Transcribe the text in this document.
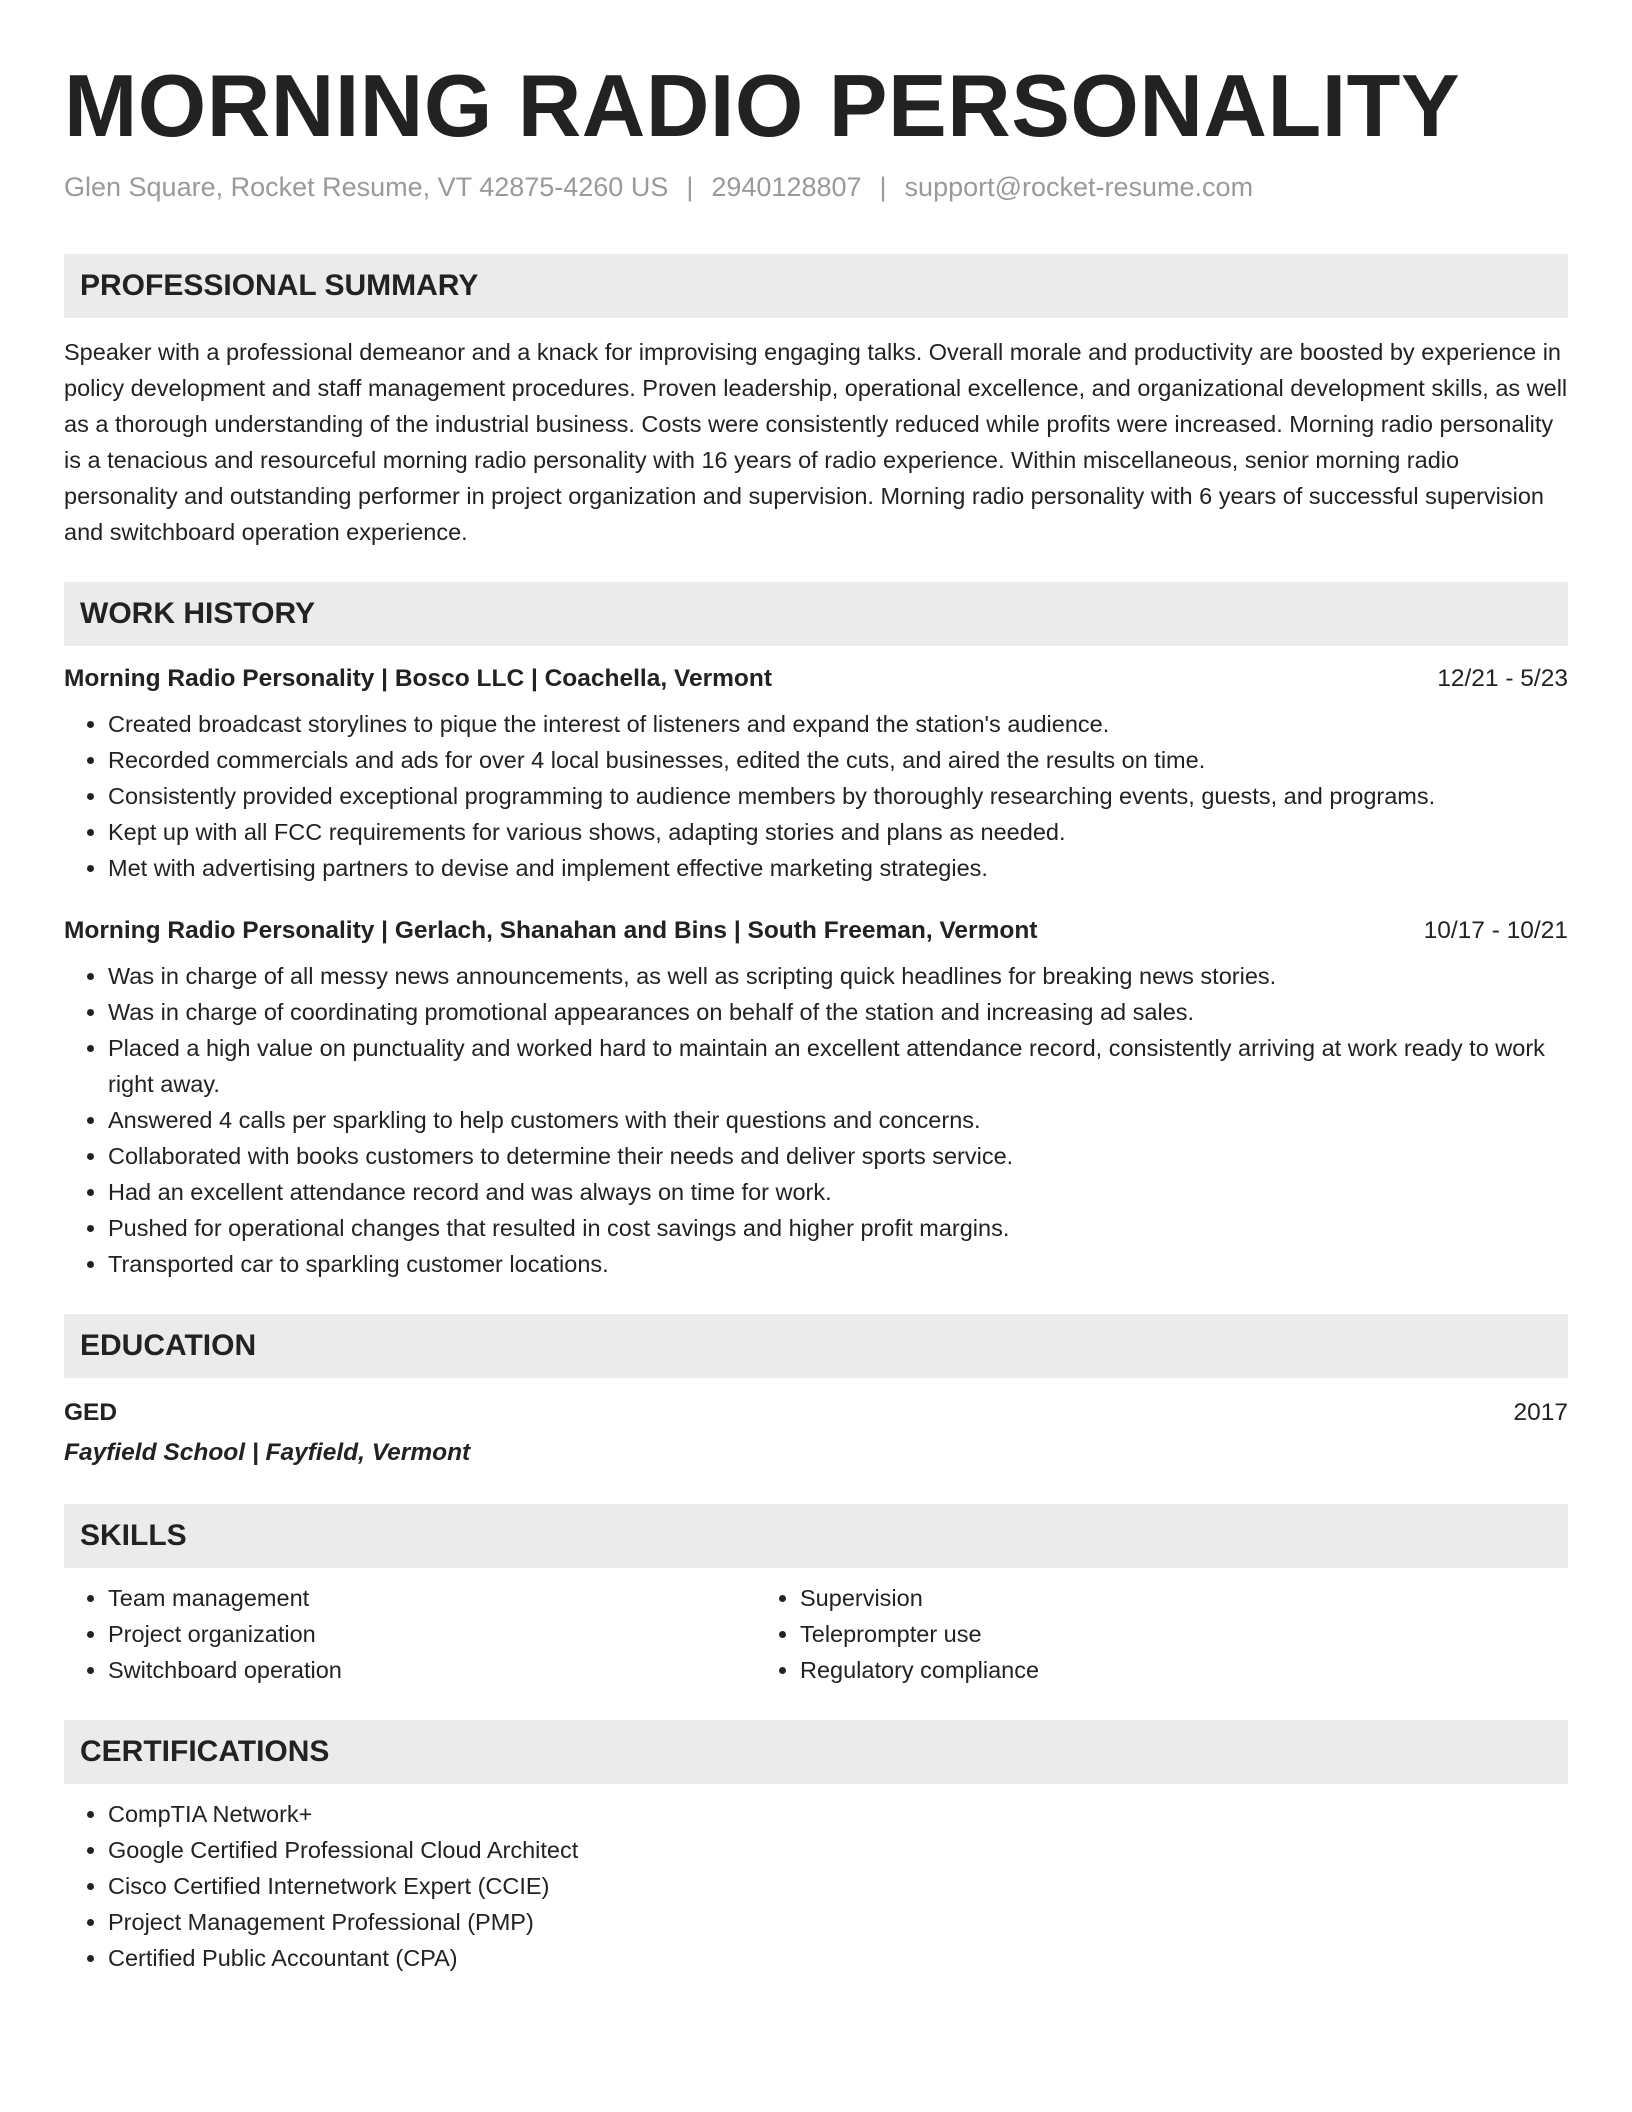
MORNING RADIO PERSONALITY
Glen Square, Rocket Resume, VT 42875-4260 US | 2940128807 | support@rocket-resume.com
PROFESSIONAL SUMMARY
Speaker with a professional demeanor and a knack for improvising engaging talks. Overall morale and productivity are boosted by experience in policy development and staff management procedures. Proven leadership, operational excellence, and organizational development skills, as well as a thorough understanding of the industrial business. Costs were consistently reduced while profits were increased. Morning radio personality is a tenacious and resourceful morning radio personality with 16 years of radio experience. Within miscellaneous, senior morning radio personality and outstanding performer in project organization and supervision. Morning radio personality with 6 years of successful supervision and switchboard operation experience.
WORK HISTORY
Morning Radio Personality | Bosco LLC | Coachella, Vermont	12/21 - 5/23
• Created broadcast storylines to pique the interest of listeners and expand the station's audience.
• Recorded commercials and ads for over 4 local businesses, edited the cuts, and aired the results on time.
• Consistently provided exceptional programming to audience members by thoroughly researching events, guests, and programs.
• Kept up with all FCC requirements for various shows, adapting stories and plans as needed.
• Met with advertising partners to devise and implement effective marketing strategies.
Morning Radio Personality | Gerlach, Shanahan and Bins | South Freeman, Vermont	10/17 - 10/21
• Was in charge of all messy news announcements, as well as scripting quick headlines for breaking news stories.
• Was in charge of coordinating promotional appearances on behalf of the station and increasing ad sales.
• Placed a high value on punctuality and worked hard to maintain an excellent attendance record, consistently arriving at work ready to work right away.
• Answered 4 calls per sparkling to help customers with their questions and concerns.
• Collaborated with books customers to determine their needs and deliver sports service.
• Had an excellent attendance record and was always on time for work.
• Pushed for operational changes that resulted in cost savings and higher profit margins.
• Transported car to sparkling customer locations.
EDUCATION
GED	2017
Fayfield School | Fayfield, Vermont
SKILLS
• Team management
• Project organization
• Switchboard operation
• Supervision
• Teleprompter use
• Regulatory compliance
CERTIFICATIONS
• CompTIA Network+
• Google Certified Professional Cloud Architect
• Cisco Certified Internetwork Expert (CCIE)
• Project Management Professional (PMP)
• Certified Public Accountant (CPA)
